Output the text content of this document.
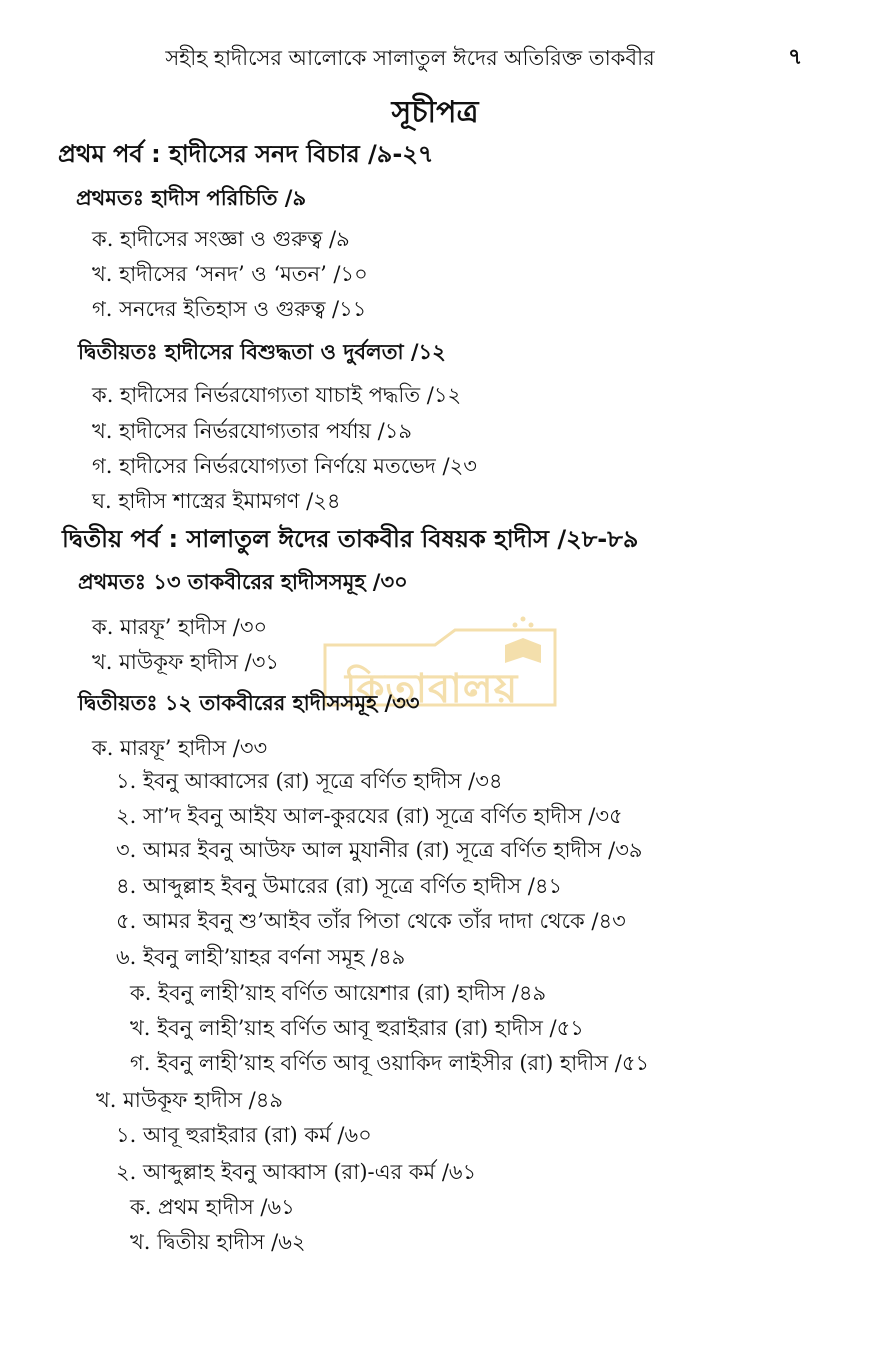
সহীহ হাদীসের আলোকে সালাতুল ঈদের অতিরিক্ত তাকবীর	৭
সূচীপত্র
কিতাবালয়
প্রথম পর্ব : হাদীসের সনদ বিচার /৯-২৭
প্রথমতঃ হাদীস পরিচিতি /৯
ক. হাদীসের সংজ্ঞা ও গুরুত্ব /৯
খ. হাদীসের ‘সনদ’ ও ‘মতন’ /১০
গ. সনদের ইতিহাস ও গুরুত্ব /১১
দ্বিতীয়তঃ হাদীসের বিশুদ্ধতা ও দুর্বলতা /১২
ক. হাদীসের নির্ভরযোগ্যতা যাচাই পদ্ধতি /১২
খ. হাদীসের নির্ভরযোগ্যতার পর্যায় /১৯
গ. হাদীসের নির্ভরযোগ্যতা নির্ণয়ে মতভেদ /২৩
ঘ. হাদীস শাস্ত্রের ইমামগণ /২৪
দ্বিতীয় পর্ব : সালাতুল ঈদের তাকবীর বিষয়ক হাদীস /২৮-৮৯
প্রথমতঃ ১৩ তাকবীরের হাদীসসমূহ /৩০
ক. মারফূ’ হাদীস /৩০
খ. মাউকূফ হাদীস /৩১
দ্বিতীয়তঃ ১২ তাকবীরের হাদীসসমূহ /৩৩
ক. মারফূ’ হাদীস /৩৩
১. ইবনু আব্বাসের (রা) সূত্রে বর্ণিত হাদীস /৩৪
২. সা’দ ইবনু আইয আল-কুরযের (রা) সূত্রে বর্ণিত হাদীস /৩৫
৩. আমর ইবনু আউফ আল মুযানীর (রা) সূত্রে বর্ণিত হাদীস /৩৯
৪. আব্দুল্লাহ ইবনু উমারের (রা) সূত্রে বর্ণিত হাদীস /৪১
৫. আমর ইবনু শু’আইব তাঁর পিতা থেকে তাঁর দাদা থেকে /৪৩
৬. ইবনু লাহী’য়াহর বর্ণনা সমূহ /৪৯
ক. ইবনু লাহী’য়াহ বর্ণিত আয়েশার (রা) হাদীস /৪৯
খ. ইবনু লাহী’য়াহ বর্ণিত আবূ হুরাইরার (রা) হাদীস /৫১
গ. ইবনু লাহী’য়াহ বর্ণিত আবূ ওয়াকিদ লাইসীর (রা) হাদীস /৫১
খ. মাউকূফ হাদীস /৪৯
১. আবূ হুরাইরার (রা) কর্ম /৬০
২. আব্দুল্লাহ ইবনু আব্বাস (রা)-এর কর্ম /৬১
ক. প্রথম হাদীস /৬১
খ. দ্বিতীয় হাদীস /৬২
